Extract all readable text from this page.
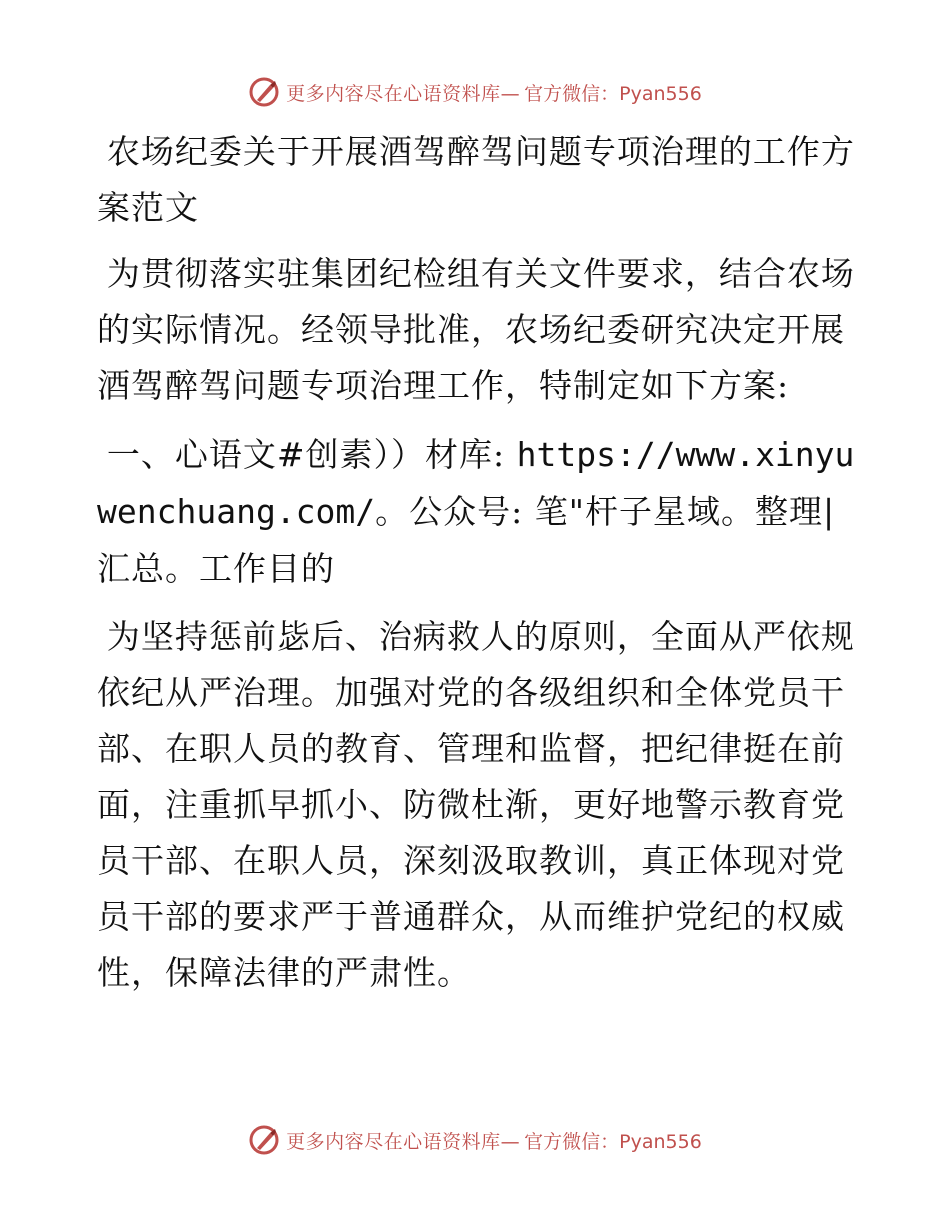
更多内容尽在心语资料库— 官方微信：Pyan556

农场纪委关于开展酒驾醉驾问题专项治理的工作方案范文

为贯彻落实驻集团纪检组有关文件要求，结合农场的实际情况。经领导批准，农场纪委研究决定开展酒驾醉驾问题专项治理工作，特制定如下方案:

一、心语文#创素））材库: https://www.xinyuwenchuang.com/。公众号: 笔"杆子星域。整理|汇总。工作目的

为坚持惩前毖后、治病救人的原则，全面从严依规依纪从严治理。加强对党的各级组织和全体党员干部、在职人员的教育、管理和监督，把纪律挺在前面，注重抓早抓小、防微杜渐，更好地警示教育党员干部、在职人员，深刻汲取教训，真正体现对党员干部的要求严于普通群众，从而维护党纪的权威性，保障法律的严肃性。

更多内容尽在心语资料库— 官方微信：Pyan556
